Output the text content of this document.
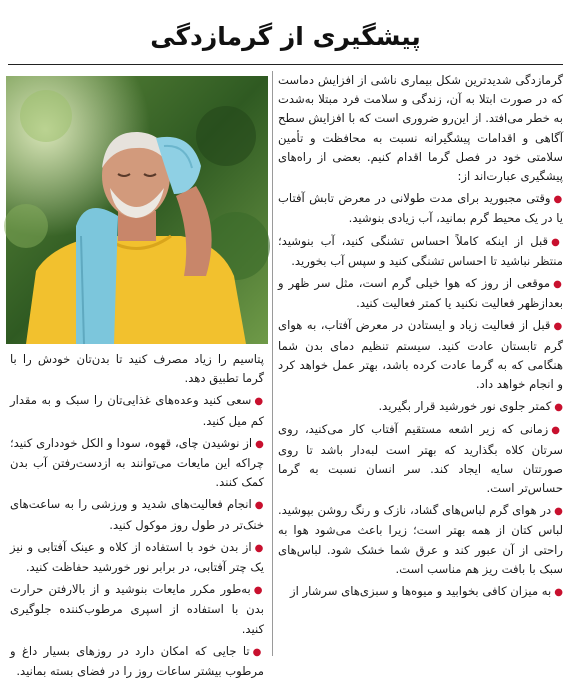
پیشگیری از گرمازدگی

گرمازدگی شدیدترین شکل بیماری ناشی از افزایش دماست که در صورت ابتلا به آن، زندگی و سلامت فرد مبتلا به‌شدت به خطر می‌افتد. از این‌رو ضروری است که با افزایش سطح آگاهی و اقدامات پیشگیرانه نسبت به محافظت و تأمین سلامتی خود در فصل گرما اقدام کنیم. بعضی از راه‌های پیشگیری عبارت‌اند از:

●وقتی مجبورید برای مدت طولانی در معرض تابش آفتاب یا در یک محیط گرم بمانید، آب زیادی بنوشید.

●قبل از اینکه کاملاً احساس تشنگی کنید، آب بنوشید؛ منتظر نباشید تا احساس تشنگی کنید و سپس آب بخورید.

●موقعی از روز که هوا خیلی گرم است، مثل سر ظهر و بعدازظهر فعالیت نکنید یا کمتر فعالیت کنید.

●قبل از فعالیت زیاد و ایستادن در معرض آفتاب، به هوای گرم تابستان عادت کنید. سیستم تنظیم دمای بدن شما هنگامی که به گرما عادت کرده باشد، بهتر عمل خواهد کرد و انجام خواهد داد.

●کمتر جلوی نور خورشید قرار بگیرید.

●زمانی که زیر اشعه مستقیم آفتاب کار می‌کنید، روی سرتان کلاه بگذارید که بهتر است لبه‌دار باشد تا روی صورتتان سایه ایجاد کند. سر انسان نسبت به گرما حساس‌تر است.

●در هوای گرم لباس‌های گشاد، نازک و رنگ روشن بپوشید. لباس کتان از همه بهتر است؛ زیرا باعث می‌شود هوا به راحتی از آن عبور کند و عرق شما خشک شود. لباس‌های سبک با بافت ریز هم مناسب است.

●به میزان کافی بخوابید و میوه‌ها و سبزی‌های سرشار از

پتاسیم را زیاد مصرف کنید تا بدن‌تان خودش را با گرما تطبیق دهد.

●سعی کنید وعده‌های غذایی‌تان را سبک و به مقدار کم میل کنید.

●از نوشیدن چای، قهوه، سودا و الکل خودداری کنید؛ چراکه این مایعات می‌توانند به ازدست‌رفتن آب بدن کمک کنند.

●انجام فعالیت‌های شدید و ورزشی را به ساعت‌های خنک‌تر در طول روز موکول کنید.

●از بدن خود با استفاده از کلاه و عینک آفتابی و نیز یک چتر آفتابی، در برابر نور خورشید حفاظت کنید.

●به‌طور مکرر مایعات بنوشید و از بالارفتن حرارت بدن با استفاده از اسپری مرطوب‌کننده جلوگیری کنید.

●تا جایی که امکان دارد در روزهای بسیار داغ و مرطوب بیشتر ساعات روز را در فضای بسته بمانید.
